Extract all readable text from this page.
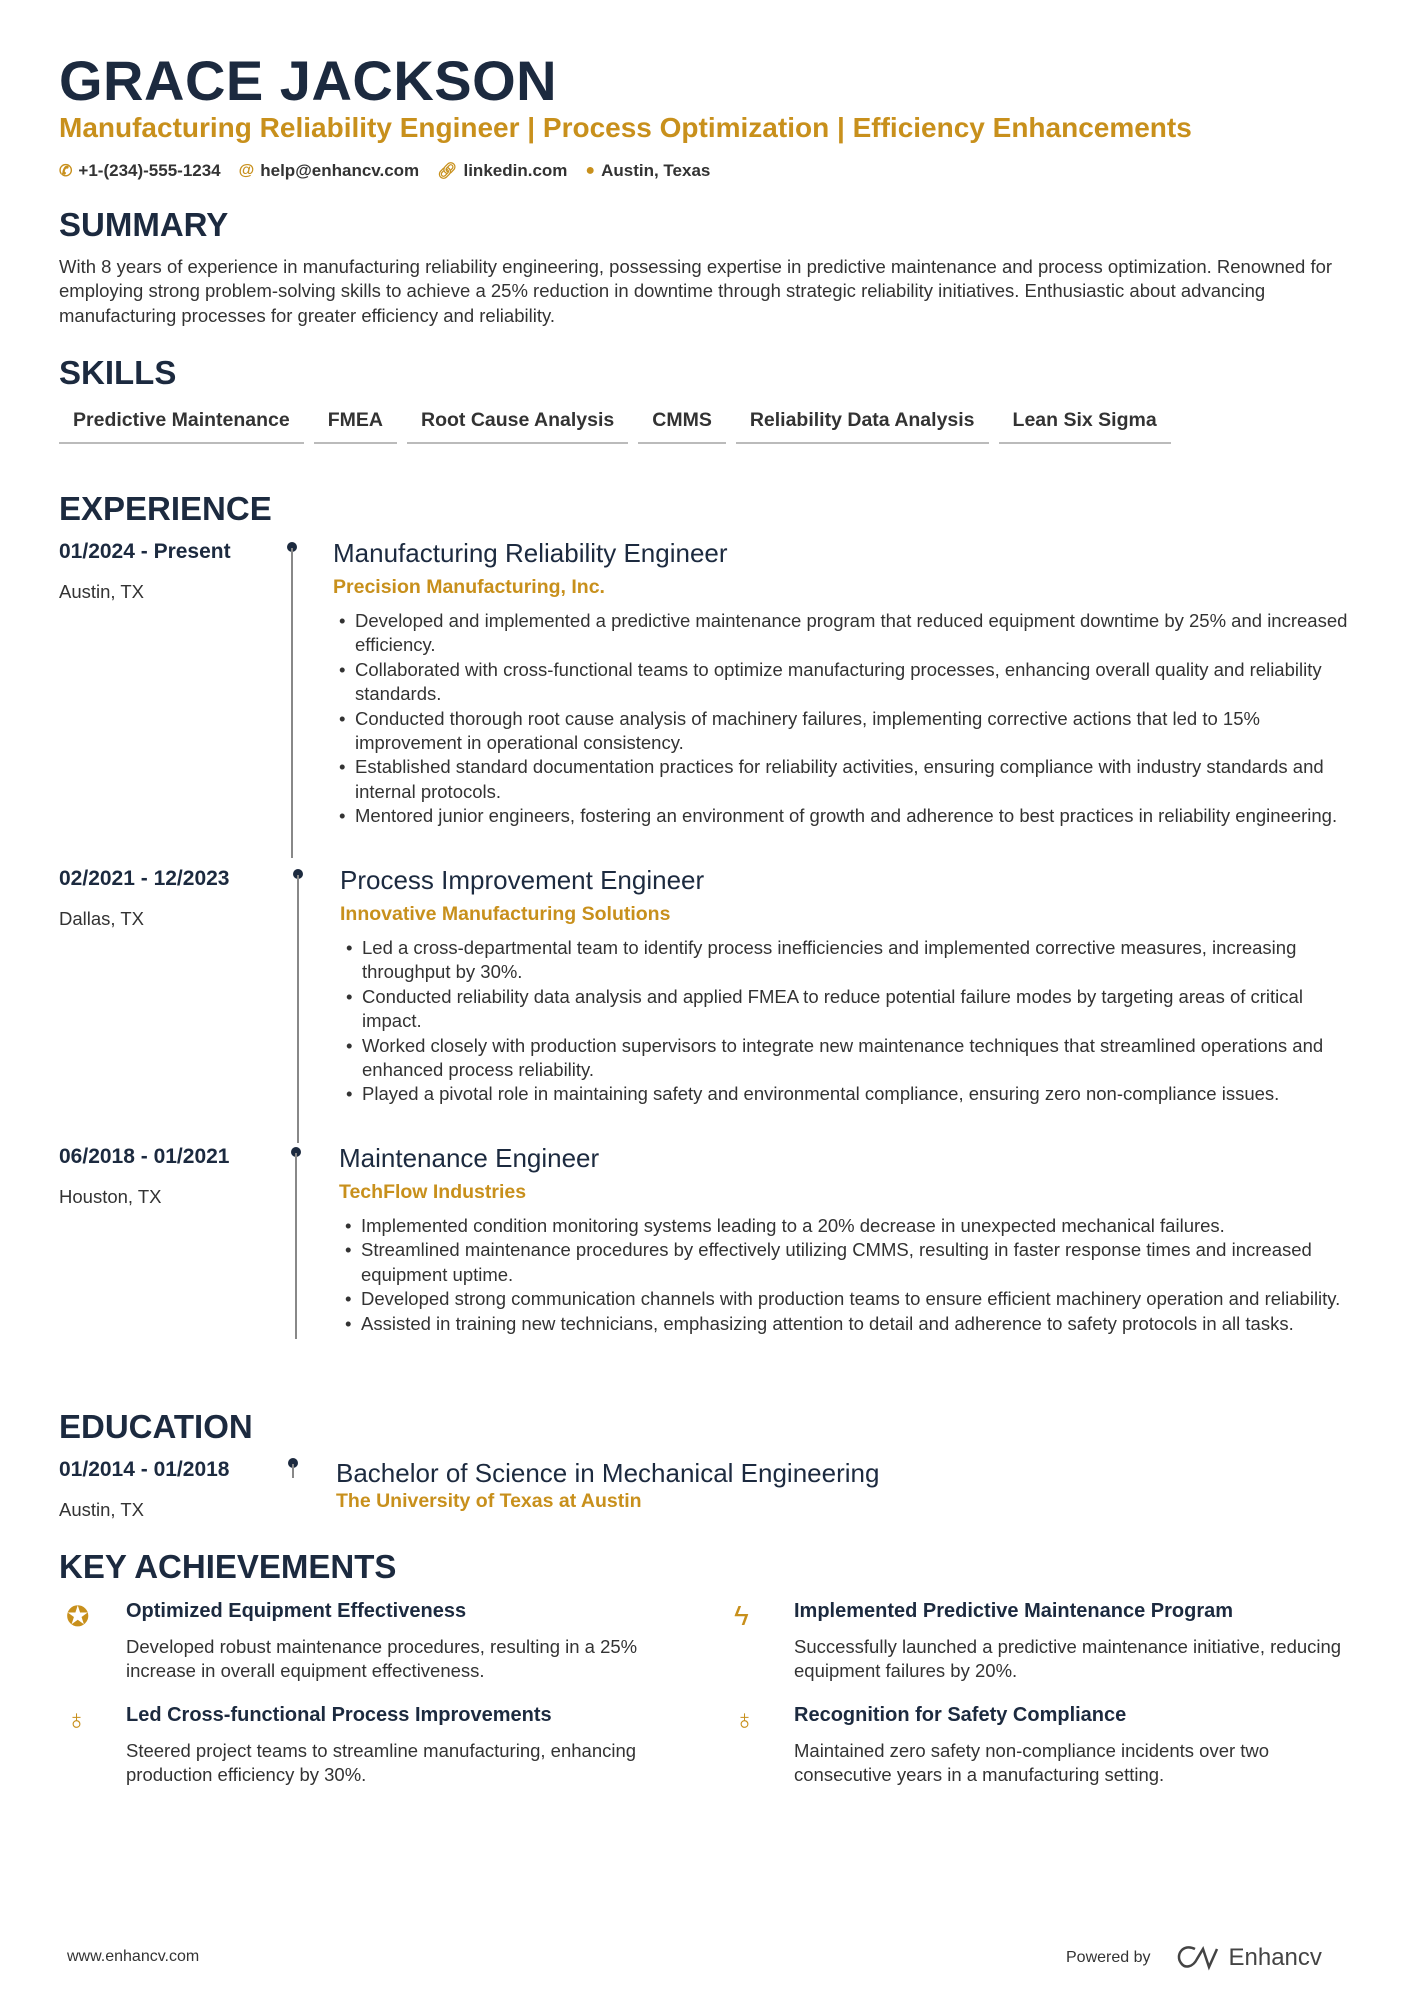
GRACE JACKSON
Manufacturing Reliability Engineer | Process Optimization | Efficiency Enhancements
✆ +1-(234)-555-1234 @ help@enhancv.com 🔗︎ linkedin.com ● Austin, Texas
SUMMARY
With 8 years of experience in manufacturing reliability engineering, possessing expertise in predictive maintenance and process optimization. Renowned for employing strong problem-solving skills to achieve a 25% reduction in downtime through strategic reliability initiatives. Enthusiastic about advancing manufacturing processes for greater efficiency and reliability.
SKILLS
Predictive Maintenance	FMEA	Root Cause Analysis	CMMS	Reliability Data Analysis	Lean Six Sigma
EXPERIENCE
01/2024 - Present
Austin, TX
Manufacturing Reliability Engineer
Precision Manufacturing, Inc.
• Developed and implemented a predictive maintenance program that reduced equipment downtime by 25% and increased efficiency.
• Collaborated with cross-functional teams to optimize manufacturing processes, enhancing overall quality and reliability standards.
• Conducted thorough root cause analysis of machinery failures, implementing corrective actions that led to 15% improvement in operational consistency.
• Established standard documentation practices for reliability activities, ensuring compliance with industry standards and internal protocols.
• Mentored junior engineers, fostering an environment of growth and adherence to best practices in reliability engineering.
02/2021 - 12/2023
Dallas, TX
Process Improvement Engineer
Innovative Manufacturing Solutions
• Led a cross-departmental team to identify process inefficiencies and implemented corrective measures, increasing throughput by 30%.
• Conducted reliability data analysis and applied FMEA to reduce potential failure modes by targeting areas of critical impact.
• Worked closely with production supervisors to integrate new maintenance techniques that streamlined operations and enhanced process reliability.
• Played a pivotal role in maintaining safety and environmental compliance, ensuring zero non-compliance issues.
06/2018 - 01/2021
Houston, TX
Maintenance Engineer
TechFlow Industries
• Implemented condition monitoring systems leading to a 20% decrease in unexpected mechanical failures.
• Streamlined maintenance procedures by effectively utilizing CMMS, resulting in faster response times and increased equipment uptime.
• Developed strong communication channels with production teams to ensure efficient machinery operation and reliability.
• Assisted in training new technicians, emphasizing attention to detail and adherence to safety protocols in all tasks.
EDUCATION
01/2014 - 01/2018
Austin, TX
Bachelor of Science in Mechanical Engineering
The University of Texas at Austin
KEY ACHIEVEMENTS
✪	Optimized Equipment Effectiveness
Developed robust maintenance procedures, resulting in a 25% increase in overall equipment effectiveness.
ϟ	Implemented Predictive Maintenance Program
Successfully launched a predictive maintenance initiative, reducing equipment failures by 20%.
♁	Led Cross-functional Process Improvements
Steered project teams to streamline manufacturing, enhancing production efficiency by 30%.
♁	Recognition for Safety Compliance
Maintained zero safety non-compliance incidents over two consecutive years in a manufacturing setting.
www.enhancv.com	Powered by	Enhancv
